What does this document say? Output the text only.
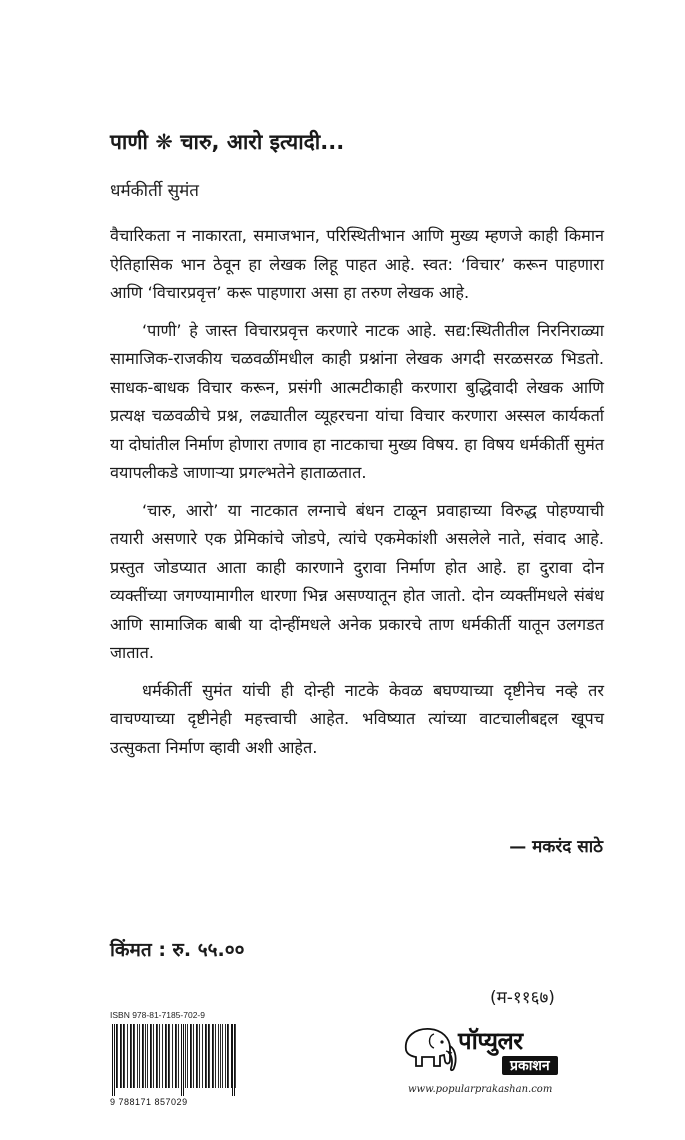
पाणी ❋ चारु, आरो इत्यादी...

धर्मकीर्ती सुमंत

वैचारिकता न नाकारता, समाजभान, परिस्थितीभान आणि मुख्य म्हणजे काही किमान ऐतिहासिक भान ठेवून हा लेखक लिहू पाहत आहे. स्वत: ‘विचार’ करून पाहणारा आणि ‘विचारप्रवृत्त’ करू पाहणारा असा हा तरुण लेखक आहे.

‘पाणी’ हे जास्त विचारप्रवृत्त करणारे नाटक आहे. सद्य:स्थितीतील निरनिराळ्या सामाजिक-राजकीय चळवळींमधील काही प्रश्नांना लेखक अगदी सरळसरळ भिडतो. साधक-बाधक विचार करून, प्रसंगी आत्मटीकाही करणारा बुद्धिवादी लेखक आणि प्रत्यक्ष चळवळीचे प्रश्न, लढ्यातील व्यूहरचना यांचा विचार करणारा अस्सल कार्यकर्ता या दोघांतील निर्माण होणारा तणाव हा नाटकाचा मुख्य विषय. हा विषय धर्मकीर्ती सुमंत वयापलीकडे जाणाऱ्या प्रगल्भतेने हाताळतात.

‘चारु, आरो’ या नाटकात लग्नाचे बंधन टाळून प्रवाहाच्या विरुद्ध पोहण्याची तयारी असणारे एक प्रेमिकांचे जोडपे, त्यांचे एकमेकांशी असलेले नाते, संवाद आहे. प्रस्तुत जोडप्यात आता काही कारणाने दुरावा निर्माण होत आहे. हा दुरावा दोन व्यक्तींच्या जगण्यामागील धारणा भिन्न असण्यातून होत जातो. दोन व्यक्तींमधले संबंध आणि सामाजिक बाबी या दोन्हींमधले अनेक प्रकारचे ताण धर्मकीर्ती यातून उलगडत जातात.

धर्मकीर्ती सुमंत यांची ही दोन्ही नाटके केवळ बघण्याच्या दृष्टीनेच नव्हे तर वाचण्याच्या दृष्टीनेही महत्त्वाची आहेत. भविष्यात त्यांच्या वाटचालीबद्दल खूपच उत्सुकता निर्माण व्हावी अशी आहेत.

— मकरंद साठे

किंमत : रु. ५५.००

(म-११६७)

ISBN 978-81-7185-702-9
9 788171 857029
पॉप्युलर
प्रकाशन
www.popularprakashan.com
